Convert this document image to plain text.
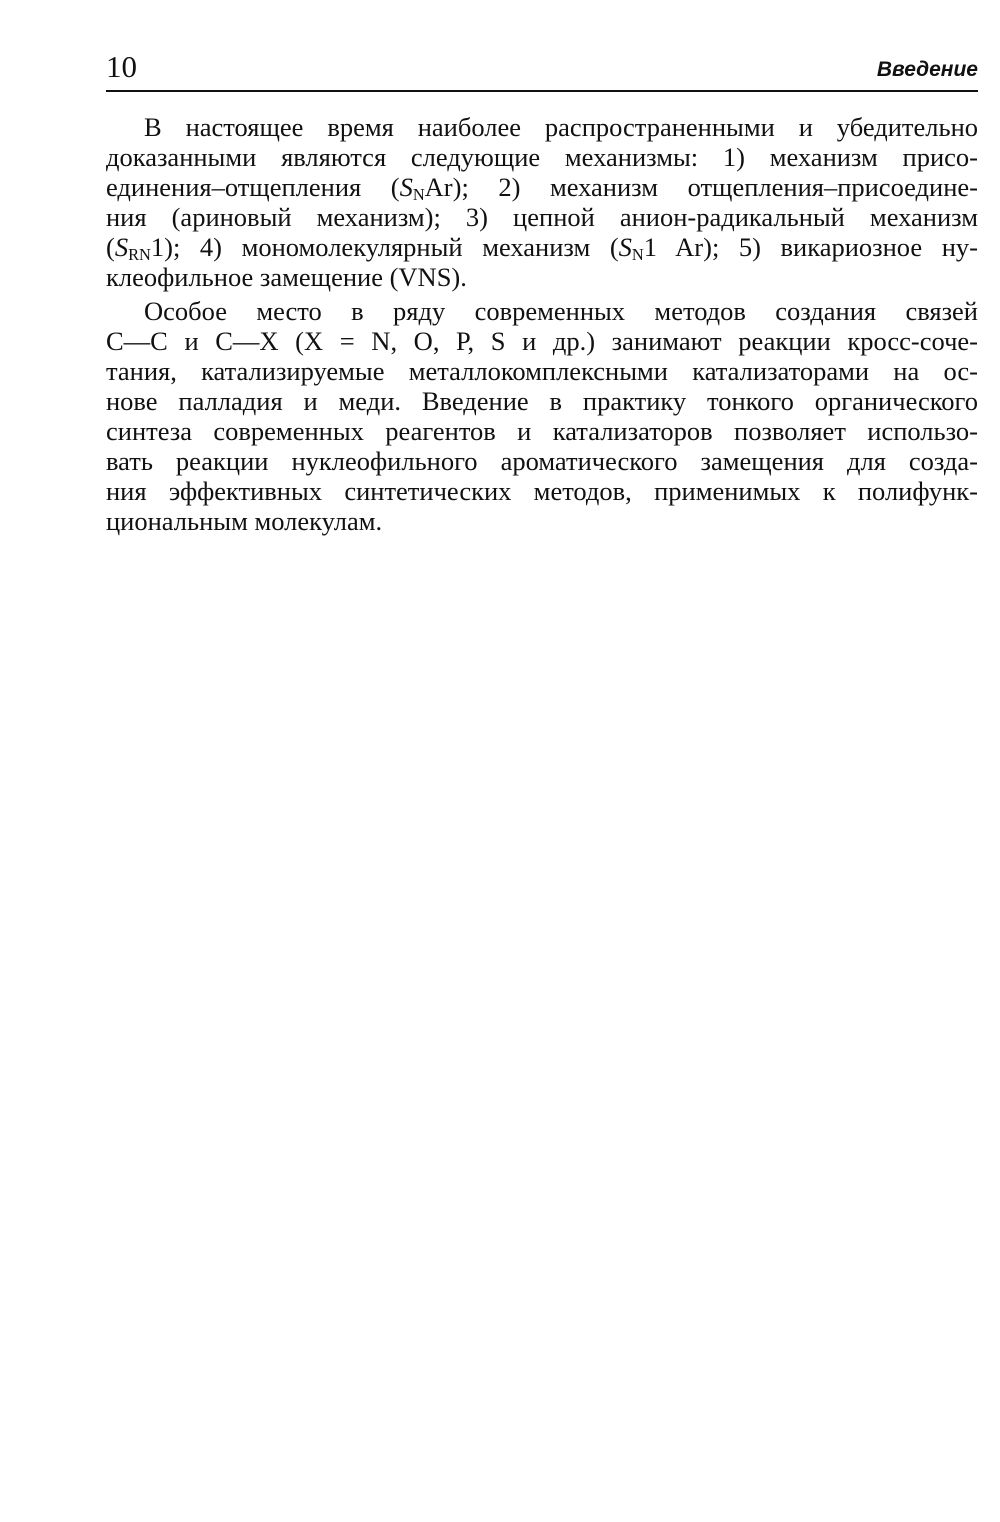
10	Введение
В настоящее время наиболее распространенными и убедительно
доказанными являются следующие механизмы: 1) механизм присо-
единения–отщепления (SNAr); 2) механизм отщепления–присоедине-
ния (ариновый механизм); 3) цепной анион-радикальный механизм
(SRN1); 4) мономолекулярный механизм (SN1 Ar); 5) викариозное ну-
клеофильное замещение (VNS).
Особое место в ряду современных методов создания связей
С—С и С—Х (Х = N, О, Р, S и др.) занимают реакции кросс-соче-
тания, катализируемые металлокомплексными катализаторами на ос-
нове палладия и меди. Введение в практику тонкого органического
синтеза современных реагентов и катализаторов позволяет использо-
вать реакции нуклеофильного ароматического замещения для созда-
ния эффективных синтетических методов, применимых к полифунк-
циональным молекулам.
